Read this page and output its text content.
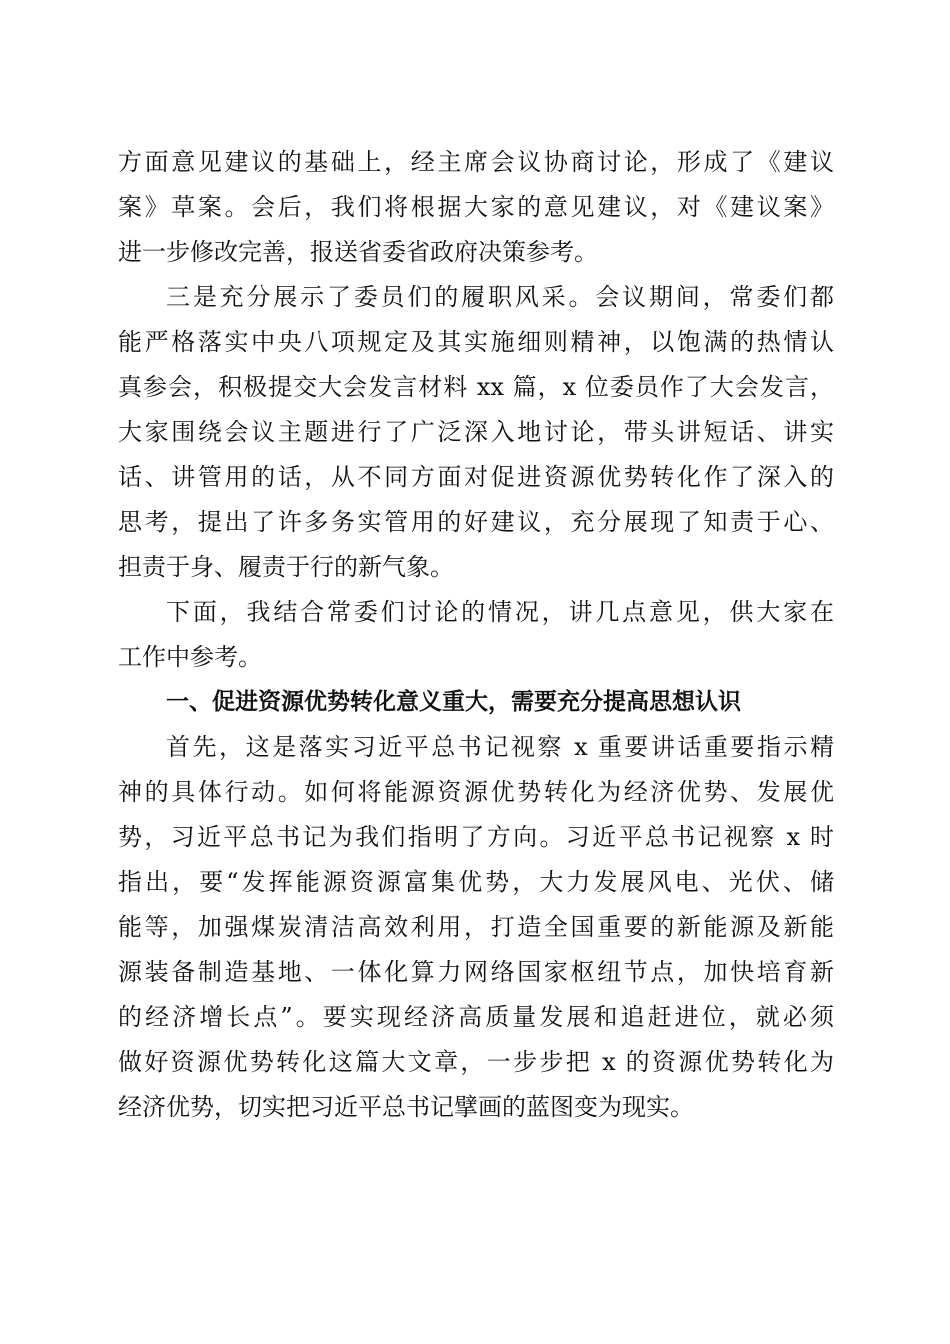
方面意见建议的基础上，经主席会议协商讨论，形成了《建议
案》草案。会后，我们将根据大家的意见建议，对《建议案》
进一步修改完善，报送省委省政府决策参考。
三是充分展示了委员们的履职风采。会议期间，常委们都
能严格落实中央八项规定及其实施细则精神，以饱满的热情认
真参会，积极提交大会发言材料 xx 篇，x 位委员作了大会发言，
大家围绕会议主题进行了广泛深入地讨论，带头讲短话、讲实
话、讲管用的话，从不同方面对促进资源优势转化作了深入的
思考，提出了许多务实管用的好建议，充分展现了知责于心、
担责于身、履责于行的新气象。
下面，我结合常委们讨论的情况，讲几点意见，供大家在
工作中参考。
一、促进资源优势转化意义重大，需要充分提高思想认识
首先，这是落实习近平总书记视察 x 重要讲话重要指示精
神的具体行动。如何将能源资源优势转化为经济优势、发展优
势，习近平总书记为我们指明了方向。习近平总书记视察 x 时
指出，要“发挥能源资源富集优势，大力发展风电、光伏、储
能等，加强煤炭清洁高效利用，打造全国重要的新能源及新能
源装备制造基地、一体化算力网络国家枢纽节点，加快培育新
的经济增长点”。要实现经济高质量发展和追赶进位，就必须
做好资源优势转化这篇大文章，一步步把 x 的资源优势转化为
经济优势，切实把习近平总书记擘画的蓝图变为现实。
